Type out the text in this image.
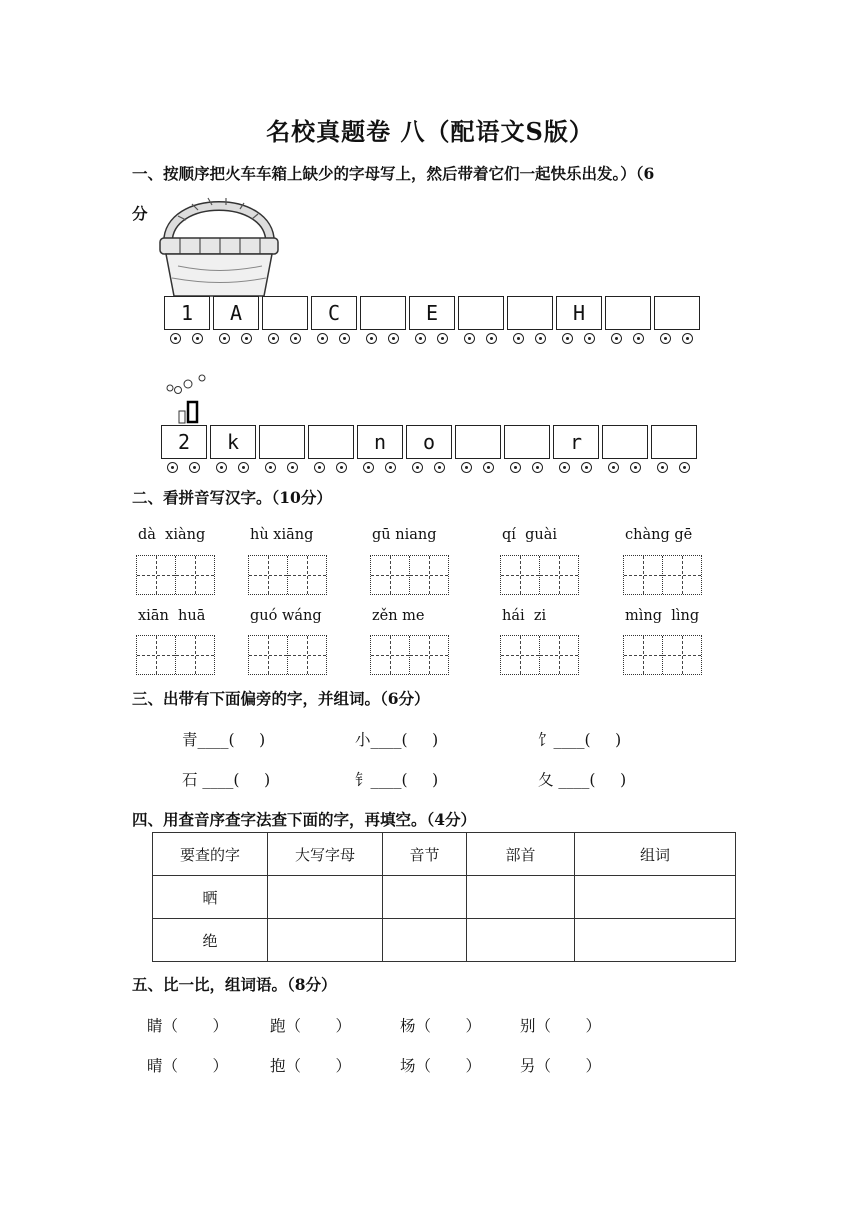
名校真题卷 八（配语文S版）
一、按顺序把火车车箱上缺少的字母写上，然后带着它们一起快乐出发。）（6
分
1	A	C	E	H
2	k	n	o	r
二、看拼音写汉字。（10分）
dà  xiàng	hù xiāng	gū niang	qí  guài	chàng gē
xiān  huā	guó wáng	zěn me	hái  zi	mìng  lìng
三、出带有下面偏旁的字，并组词。（6分）
青____(     )	小____(     )	饣____(     )
石 ____(     )	钅____(     )	夂 ____(     )
四、用查音序查字法查下面的字，再填空。（4分）
要查的字	大写字母	音节	部首	组词
晒				
绝				
五、比一比，组词语。（8分）
睛（       ）	跑（       ）	杨（       ）	别（       ）
晴（       ）	抱（       ）	场（       ）	另（       ）
